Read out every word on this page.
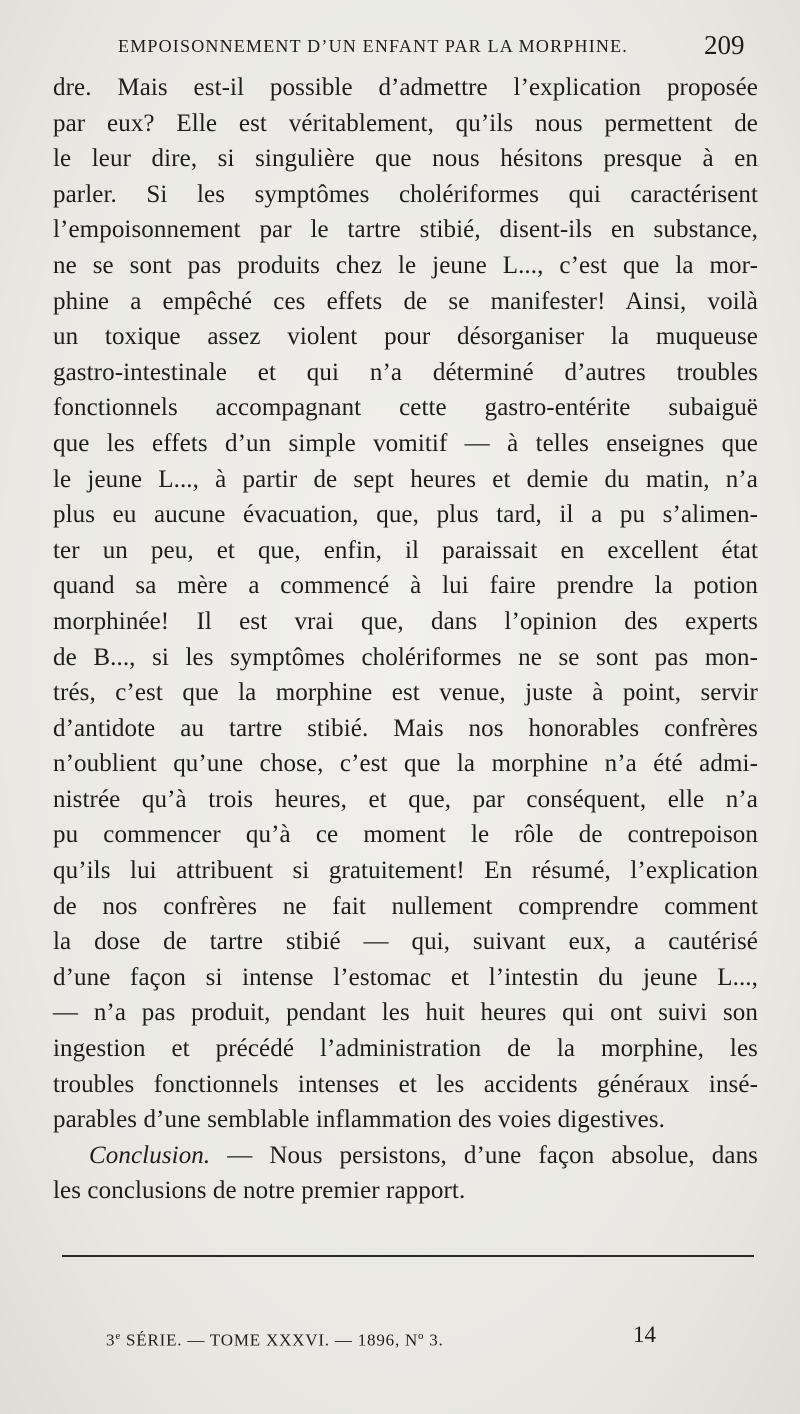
EMPOISONNEMENT D’UN ENFANT PAR LA MORPHINE.	209
dre. Mais est-il possible d’admettre l’explication proposée
par eux? Elle est véritablement, qu’ils nous permettent de
le leur dire, si singulière que nous hésitons presque à en
parler. Si les symptômes cholériformes qui caractérisent
l’empoisonnement par le tartre stibié, disent-ils en substance,
ne se sont pas produits chez le jeune L..., c’est que la mor-
phine a empêché ces effets de se manifester! Ainsi, voilà
un toxique assez violent pour désorganiser la muqueuse
gastro-intestinale et qui n’a déterminé d’autres troubles
fonctionnels accompagnant cette gastro-entérite subaiguë
que les effets d’un simple vomitif — à telles enseignes que
le jeune L..., à partir de sept heures et demie du matin, n’a
plus eu aucune évacuation, que, plus tard, il a pu s’alimen-
ter un peu, et que, enfin, il paraissait en excellent état
quand sa mère a commencé à lui faire prendre la potion
morphinée! Il est vrai que, dans l’opinion des experts
de B..., si les symptômes cholériformes ne se sont pas mon-
trés, c’est que la morphine est venue, juste à point, servir
d’antidote au tartre stibié. Mais nos honorables confrères
n’oublient qu’une chose, c’est que la morphine n’a été admi-
nistrée qu’à trois heures, et que, par conséquent, elle n’a
pu commencer qu’à ce moment le rôle de contrepoison
qu’ils lui attribuent si gratuitement! En résumé, l’explication
de nos confrères ne fait nullement comprendre comment
la dose de tartre stibié — qui, suivant eux, a cautérisé
d’une façon si intense l’estomac et l’intestin du jeune L...,
— n’a pas produit, pendant les huit heures qui ont suivi son
ingestion et précédé l’administration de la morphine, les
troubles fonctionnels intenses et les accidents généraux insé-
parables d’une semblable inflammation des voies digestives.
Conclusion. — Nous persistons, d’une façon absolue, dans
les conclusions de notre premier rapport.
3e SÉRIE. — TOME XXXVI. — 1896, Nº 3.	14
